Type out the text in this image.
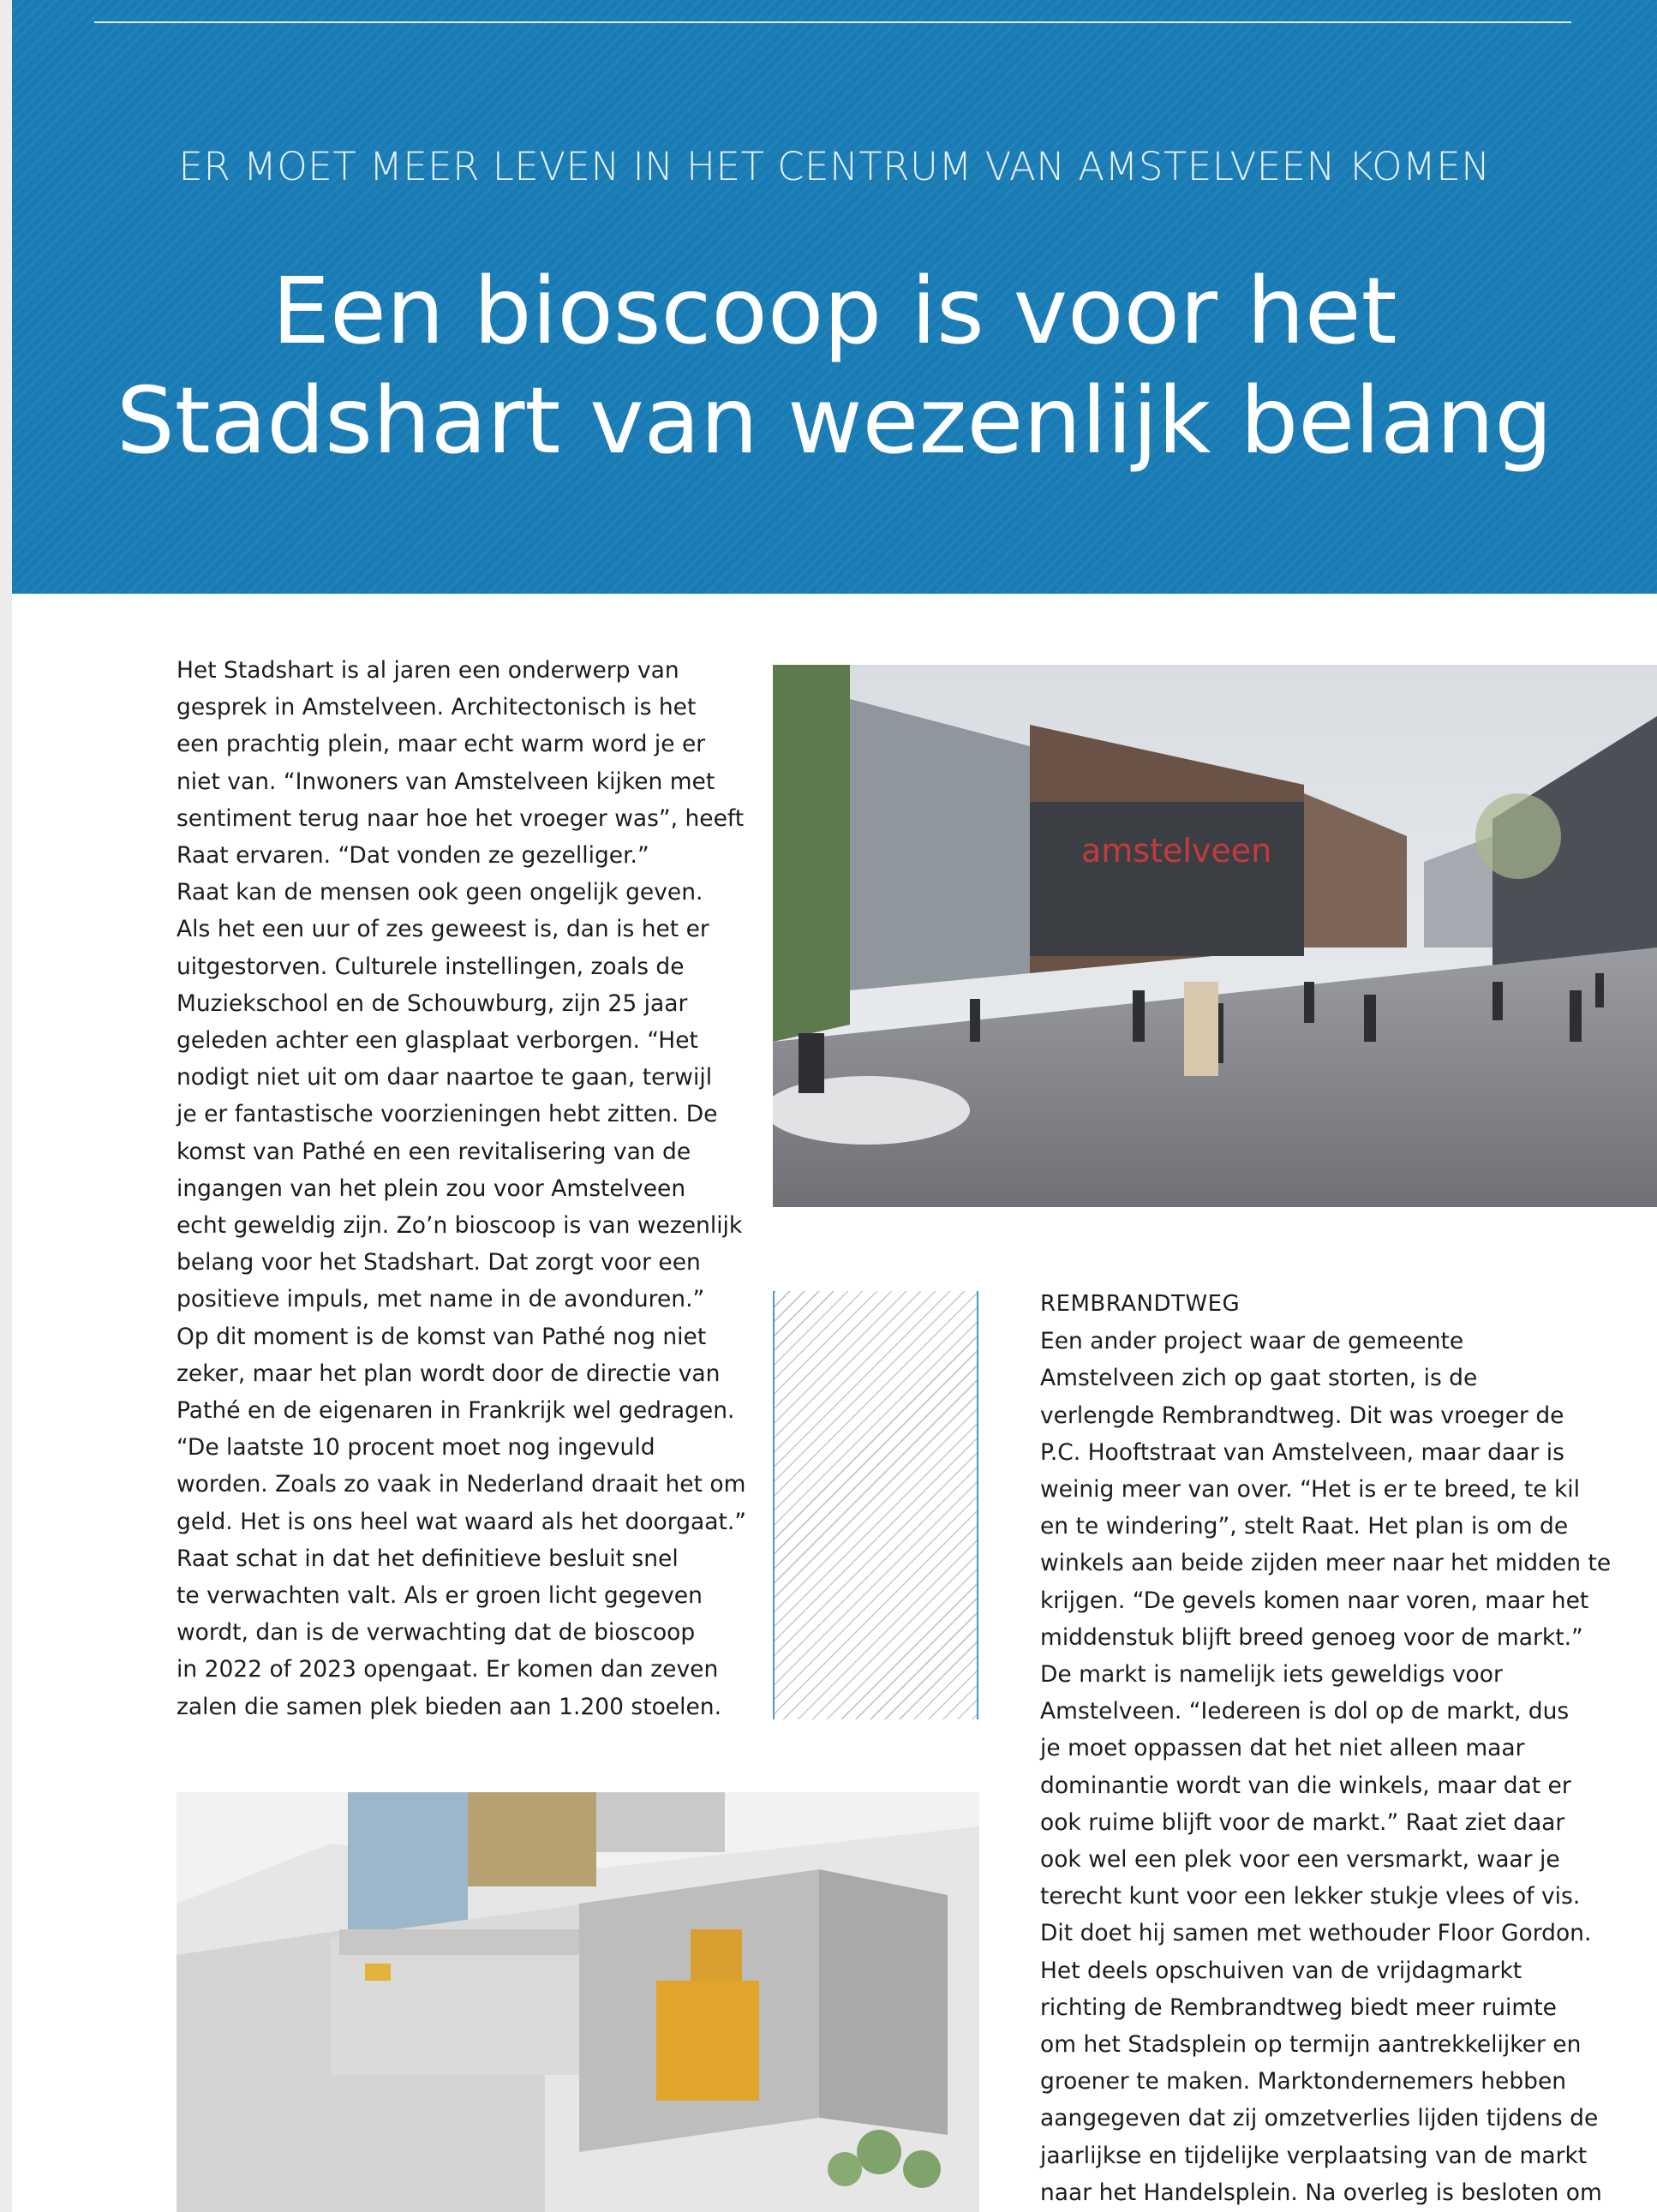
ER MOET MEER LEVEN IN HET CENTRUM VAN AMSTELVEEN KOMEN
Een bioscoop is voor het
Stadshart van wezenlijk belang
Het Stadshart is al jaren een onderwerp van
gesprek in Amstelveen. Architectonisch is het
een prachtig plein, maar echt warm word je er
niet van. “Inwoners van Amstelveen kijken met
sentiment terug naar hoe het vroeger was”, heeft
Raat ervaren. “Dat vonden ze gezelliger.”
Raat kan de mensen ook geen ongelijk geven.
Als het een uur of zes geweest is, dan is het er
uitgestorven. Culturele instellingen, zoals de
Muziekschool en de Schouwburg, zijn 25 jaar
geleden achter een glasplaat verborgen. “Het
nodigt niet uit om daar naartoe te gaan, terwijl
je er fantastische voorzieningen hebt zitten. De
komst van Pathé en een revitalisering van de
ingangen van het plein zou voor Amstelveen
echt geweldig zijn. Zo’n bioscoop is van wezenlijk
belang voor het Stadshart. Dat zorgt voor een
positieve impuls, met name in de avonduren.”
Op dit moment is de komst van Pathé nog niet
zeker, maar het plan wordt door de directie van
Pathé en de eigenaren in Frankrijk wel gedragen.
“De laatste 10 procent moet nog ingevuld
worden. Zoals zo vaak in Nederland draait het om
geld. Het is ons heel wat waard als het doorgaat.”
Raat schat in dat het definitieve besluit snel
te verwachten valt. Als er groen licht gegeven
wordt, dan is de verwachting dat de bioscoop
in 2022 of 2023 opengaat. Er komen dan zeven
zalen die samen plek bieden aan 1.200 stoelen.
amstelveen
REMBRANDTWEG
Een ander project waar de gemeente
Amstelveen zich op gaat storten, is de
verlengde Rembrandtweg. Dit was vroeger de
P.C. Hooftstraat van Amstelveen, maar daar is
weinig meer van over. “Het is er te breed, te kil
en te windering”, stelt Raat. Het plan is om de
winkels aan beide zijden meer naar het midden te
krijgen. “De gevels komen naar voren, maar het
middenstuk blijft breed genoeg voor de markt.”
De markt is namelijk iets geweldigs voor
Amstelveen. “Iedereen is dol op de markt, dus
je moet oppassen dat het niet alleen maar
dominantie wordt van die winkels, maar dat er
ook ruime blijft voor de markt.” Raat ziet daar
ook wel een plek voor een versmarkt, waar je
terecht kunt voor een lekker stukje vlees of vis.
Dit doet hij samen met wethouder Floor Gordon.
Het deels opschuiven van de vrijdagmarkt
richting de Rembrandtweg biedt meer ruimte
om het Stadsplein op termijn aantrekkelijker en
groener te maken. Marktondernemers hebben
aangegeven dat zij omzetverlies lijden tijdens de
jaarlijkse en tijdelijke verplaatsing van de markt
naar het Handelsplein. Na overleg is besloten om
